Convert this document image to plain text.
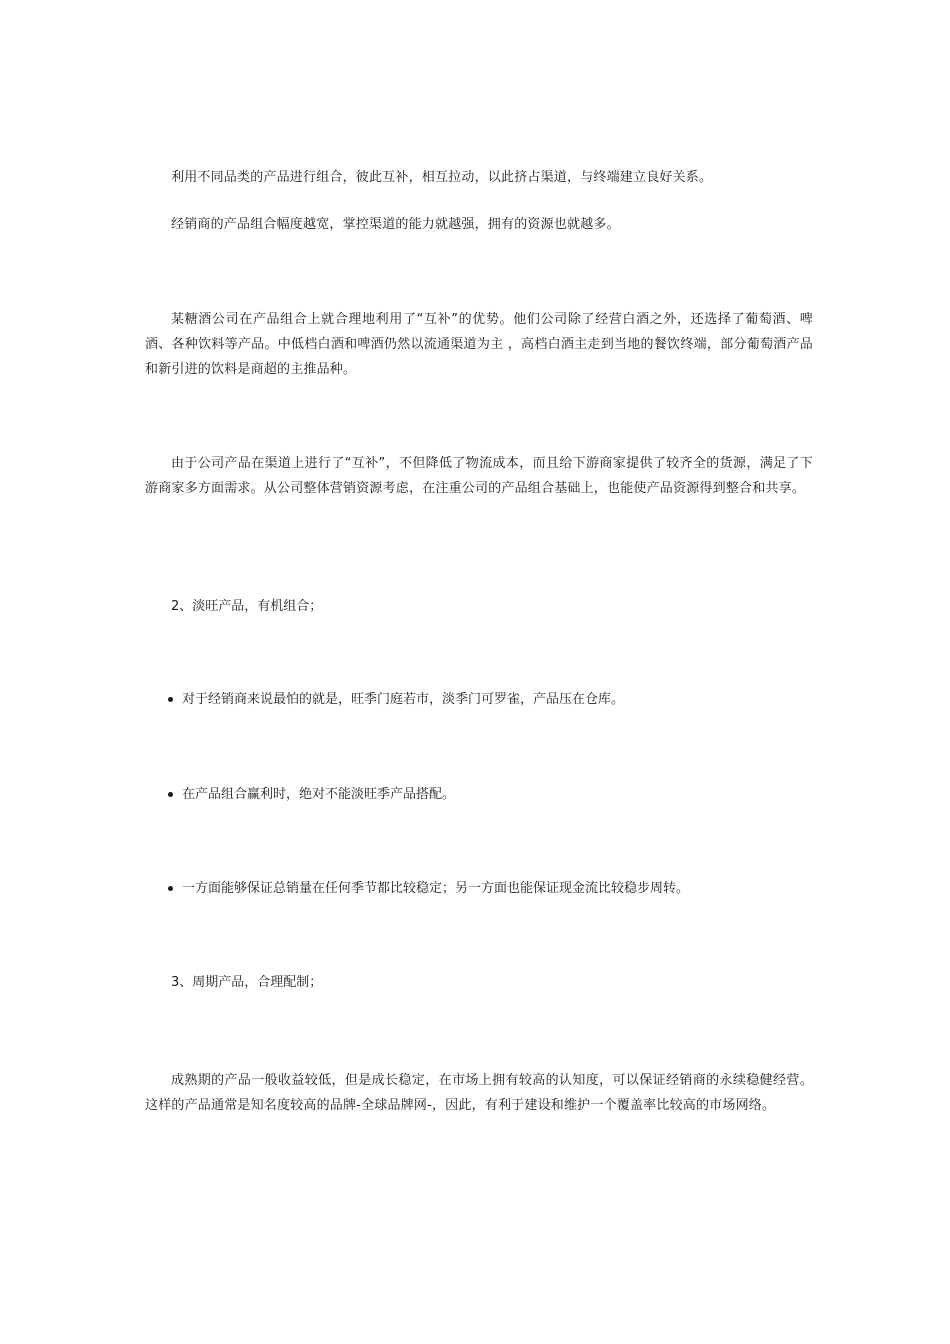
利用不同品类的产品进行组合，彼此互补，相互拉动，以此挤占渠道，与终端建立良好关系。

经销商的产品组合幅度越宽，掌控渠道的能力就越强，拥有的资源也就越多。

某糖酒公司在产品组合上就合理地利用了“互补”的优势。他们公司除了经营白酒之外，还选择了葡萄酒、啤酒、各种饮料等产品。中低档白酒和啤酒仍然以流通渠道为主 ，高档白酒主走到当地的餐饮终端，部分葡萄酒产品和新引进的饮料是商超的主推品种。

由于公司产品在渠道上进行了“互补”，不但降低了物流成本，而且给下游商家提供了较齐全的货源，满足了下游商家多方面需求。从公司整体营销资源考虑，在注重公司的产品组合基础上，也能使产品资源得到整合和共享。

2、淡旺产品，有机组合；

对于经销商来说最怕的就是，旺季门庭若市，淡季门可罗雀，产品压在仓库。
在产品组合赢利时，绝对不能淡旺季产品搭配。
一方面能够保证总销量在任何季节都比较稳定；另一方面也能保证现金流比较稳步周转。

3、周期产品，合理配制；

成熟期的产品一般收益较低，但是成长稳定，在市场上拥有较高的认知度，可以保证经销商的永续稳健经营。这样的产品通常是知名度较高的品牌-全球品牌网-，因此，有利于建设和维护一个覆盖率比较高的市场网络。
